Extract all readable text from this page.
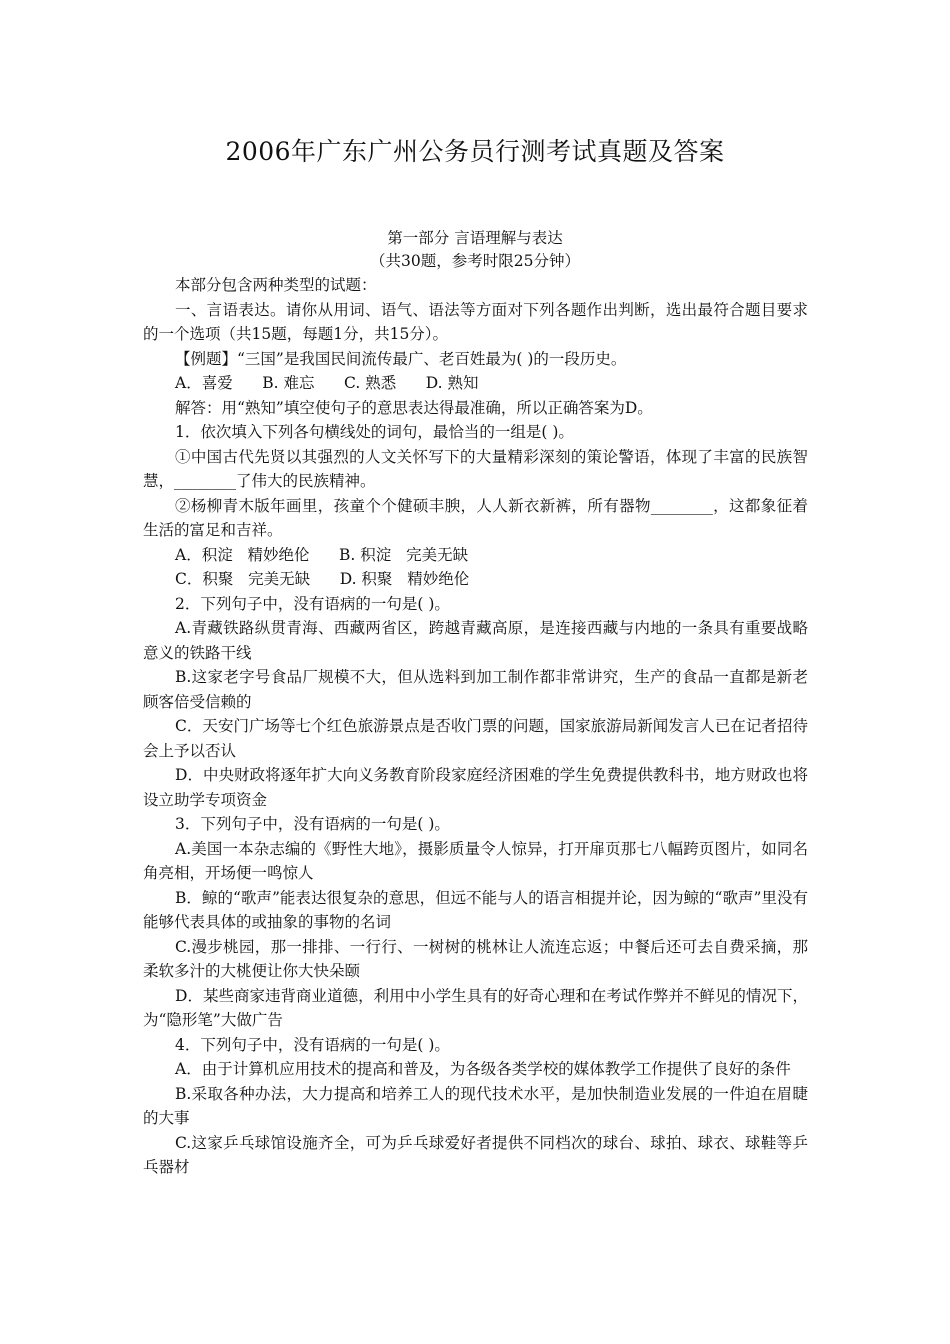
2006年广东广州公务员行测考试真题及答案
第一部分 言语理解与表达
（共30题，参考时限25分钟）

本部分包含两种类型的试题：

一、言语表达。请你从用词、语气、语法等方面对下列各题作出判断，选出最符合题目要求的一个选项（共15题，每题1分，共15分）。

【例题】“三国”是我国民间流传最广、老百姓最为( )的一段历史。

A．喜爱      B. 难忘      C. 熟悉      D. 熟知

解答：用“熟知”填空使句子的意思表达得最准确，所以正确答案为D。

1．依次填入下列各句横线处的词句，最恰当的一组是( )。

①中国古代先贤以其强烈的人文关怀写下的大量精彩深刻的策论警语，体现了丰富的民族智慧，________了伟大的民族精神。

②杨柳青木版年画里，孩童个个健硕丰腴，人人新衣新裤，所有器物________，这都象征着生活的富足和吉祥。

A．积淀   精妙绝伦      B. 积淀   完美无缺

C．积聚   完美无缺      D. 积聚   精妙绝伦

2．下列句子中，没有语病的一句是( )。

A.青藏铁路纵贯青海、西藏两省区，跨越青藏高原，是连接西藏与内地的一条具有重要战略意义的铁路干线

B.这家老字号食品厂规模不大，但从选料到加工制作都非常讲究，生产的食品一直都是新老顾客倍受信赖的

C．天安门广场等七个红色旅游景点是否收门票的问题，国家旅游局新闻发言人已在记者招待会上予以否认

D．中央财政将逐年扩大向义务教育阶段家庭经济困难的学生免费提供教科书，地方财政也将设立助学专项资金

3．下列句子中，没有语病的一句是( )。

A.美国一本杂志编的《野性大地》，摄影质量令人惊异，打开扉页那七八幅跨页图片，如同名角亮相，开场便一鸣惊人

B．鲸的“歌声”能表达很复杂的意思，但远不能与人的语言相提并论，因为鲸的“歌声”里没有能够代表具体的或抽象的事物的名词

C.漫步桃园，那一排排、一行行、一树树的桃林让人流连忘返；中餐后还可去自费采摘，那柔软多汁的大桃便让你大快朵颐

D．某些商家违背商业道德，利用中小学生具有的好奇心理和在考试作弊并不鲜见的情况下，为“隐形笔”大做广告

4．下列句子中，没有语病的一句是( )。

A．由于计算机应用技术的提高和普及，为各级各类学校的媒体教学工作提供了良好的条件

B.采取各种办法，大力提高和培养工人的现代技术水平，是加快制造业发展的一件迫在眉睫的大事

C.这家乒乓球馆设施齐全，可为乒乓球爱好者提供不同档次的球台、球拍、球衣、球鞋等乒乓器材
